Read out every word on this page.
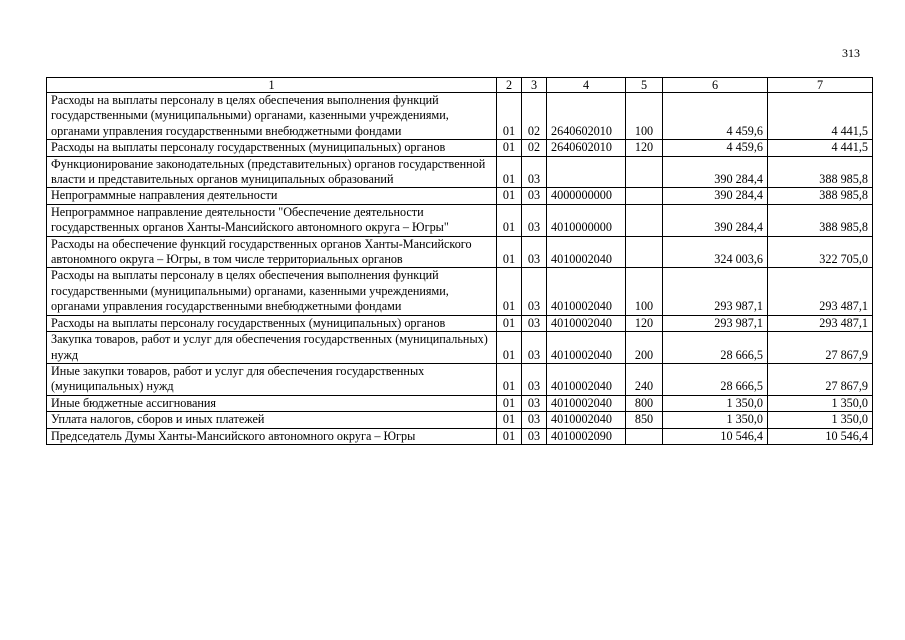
313
1	2	3	4	5	6	7
Расходы на выплаты персоналу в целях обеспечения выполнения функций государственными (муниципальными) органами, казенными учреждениями, органами управления государственными внебюджетными фондами	01	02	2640602010	100	4 459,6	4 441,5
Расходы на выплаты персоналу государственных (муниципальных) органов	01	02	2640602010	120	4 459,6	4 441,5
Функционирование законодательных (представительных) органов государственной власти и представительных органов муниципальных образований	01	03			390 284,4	388 985,8
Непрограммные направления деятельности	01	03	4000000000		390 284,4	388 985,8
Непрограммное направление деятельности "Обеспечение деятельности государственных органов Ханты-Мансийского автономного округа – Югры"	01	03	4010000000		390 284,4	388 985,8
Расходы на обеспечение функций государственных органов Ханты-Мансийского автономного округа – Югры, в том числе территориальных органов	01	03	4010002040		324 003,6	322 705,0
Расходы на выплаты персоналу в целях обеспечения выполнения функций государственными (муниципальными) органами, казенными учреждениями, органами управления государственными внебюджетными фондами	01	03	4010002040	100	293 987,1	293 487,1
Расходы на выплаты персоналу государственных (муниципальных) органов	01	03	4010002040	120	293 987,1	293 487,1
Закупка товаров, работ и услуг для обеспечения государственных (муниципальных) нужд	01	03	4010002040	200	28 666,5	27 867,9
Иные закупки товаров, работ и услуг для обеспечения государственных (муниципальных) нужд	01	03	4010002040	240	28 666,5	27 867,9
Иные бюджетные ассигнования	01	03	4010002040	800	1 350,0	1 350,0
Уплата налогов, сборов и иных платежей	01	03	4010002040	850	1 350,0	1 350,0
Председатель Думы Ханты-Мансийского автономного округа – Югры	01	03	4010002090		10 546,4	10 546,4
